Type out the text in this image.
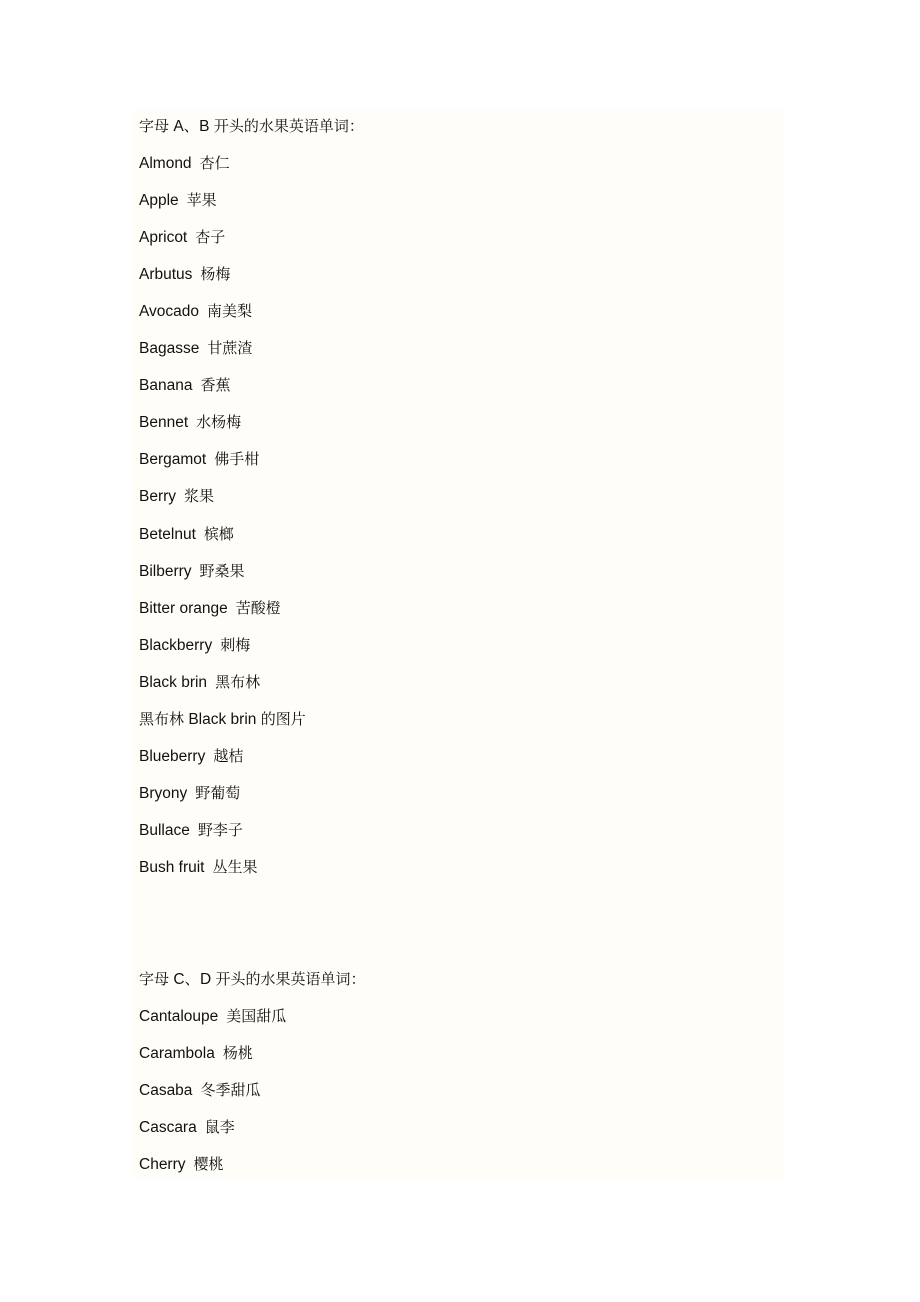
字母 A、B 开头的水果英语单词：
Almond 杏仁
Apple 苹果
Apricot 杏子
Arbutus 杨梅
Avocado 南美梨
Bagasse 甘蔗渣
Banana 香蕉
Bennet 水杨梅
Bergamot 佛手柑
Berry 浆果
Betelnut 槟榔
Bilberry 野桑果
Bitter orange 苦酸橙
Blackberry 刺梅
Black brin 黑布林
黑布林 Black brin 的图片
Blueberry 越桔
Bryony 野葡萄
Bullace 野李子
Bush fruit 丛生果
字母 C、D 开头的水果英语单词：
Cantaloupe 美国甜瓜
Carambola 杨桃
Casaba 冬季甜瓜
Cascara 鼠李
Cherry 樱桃
